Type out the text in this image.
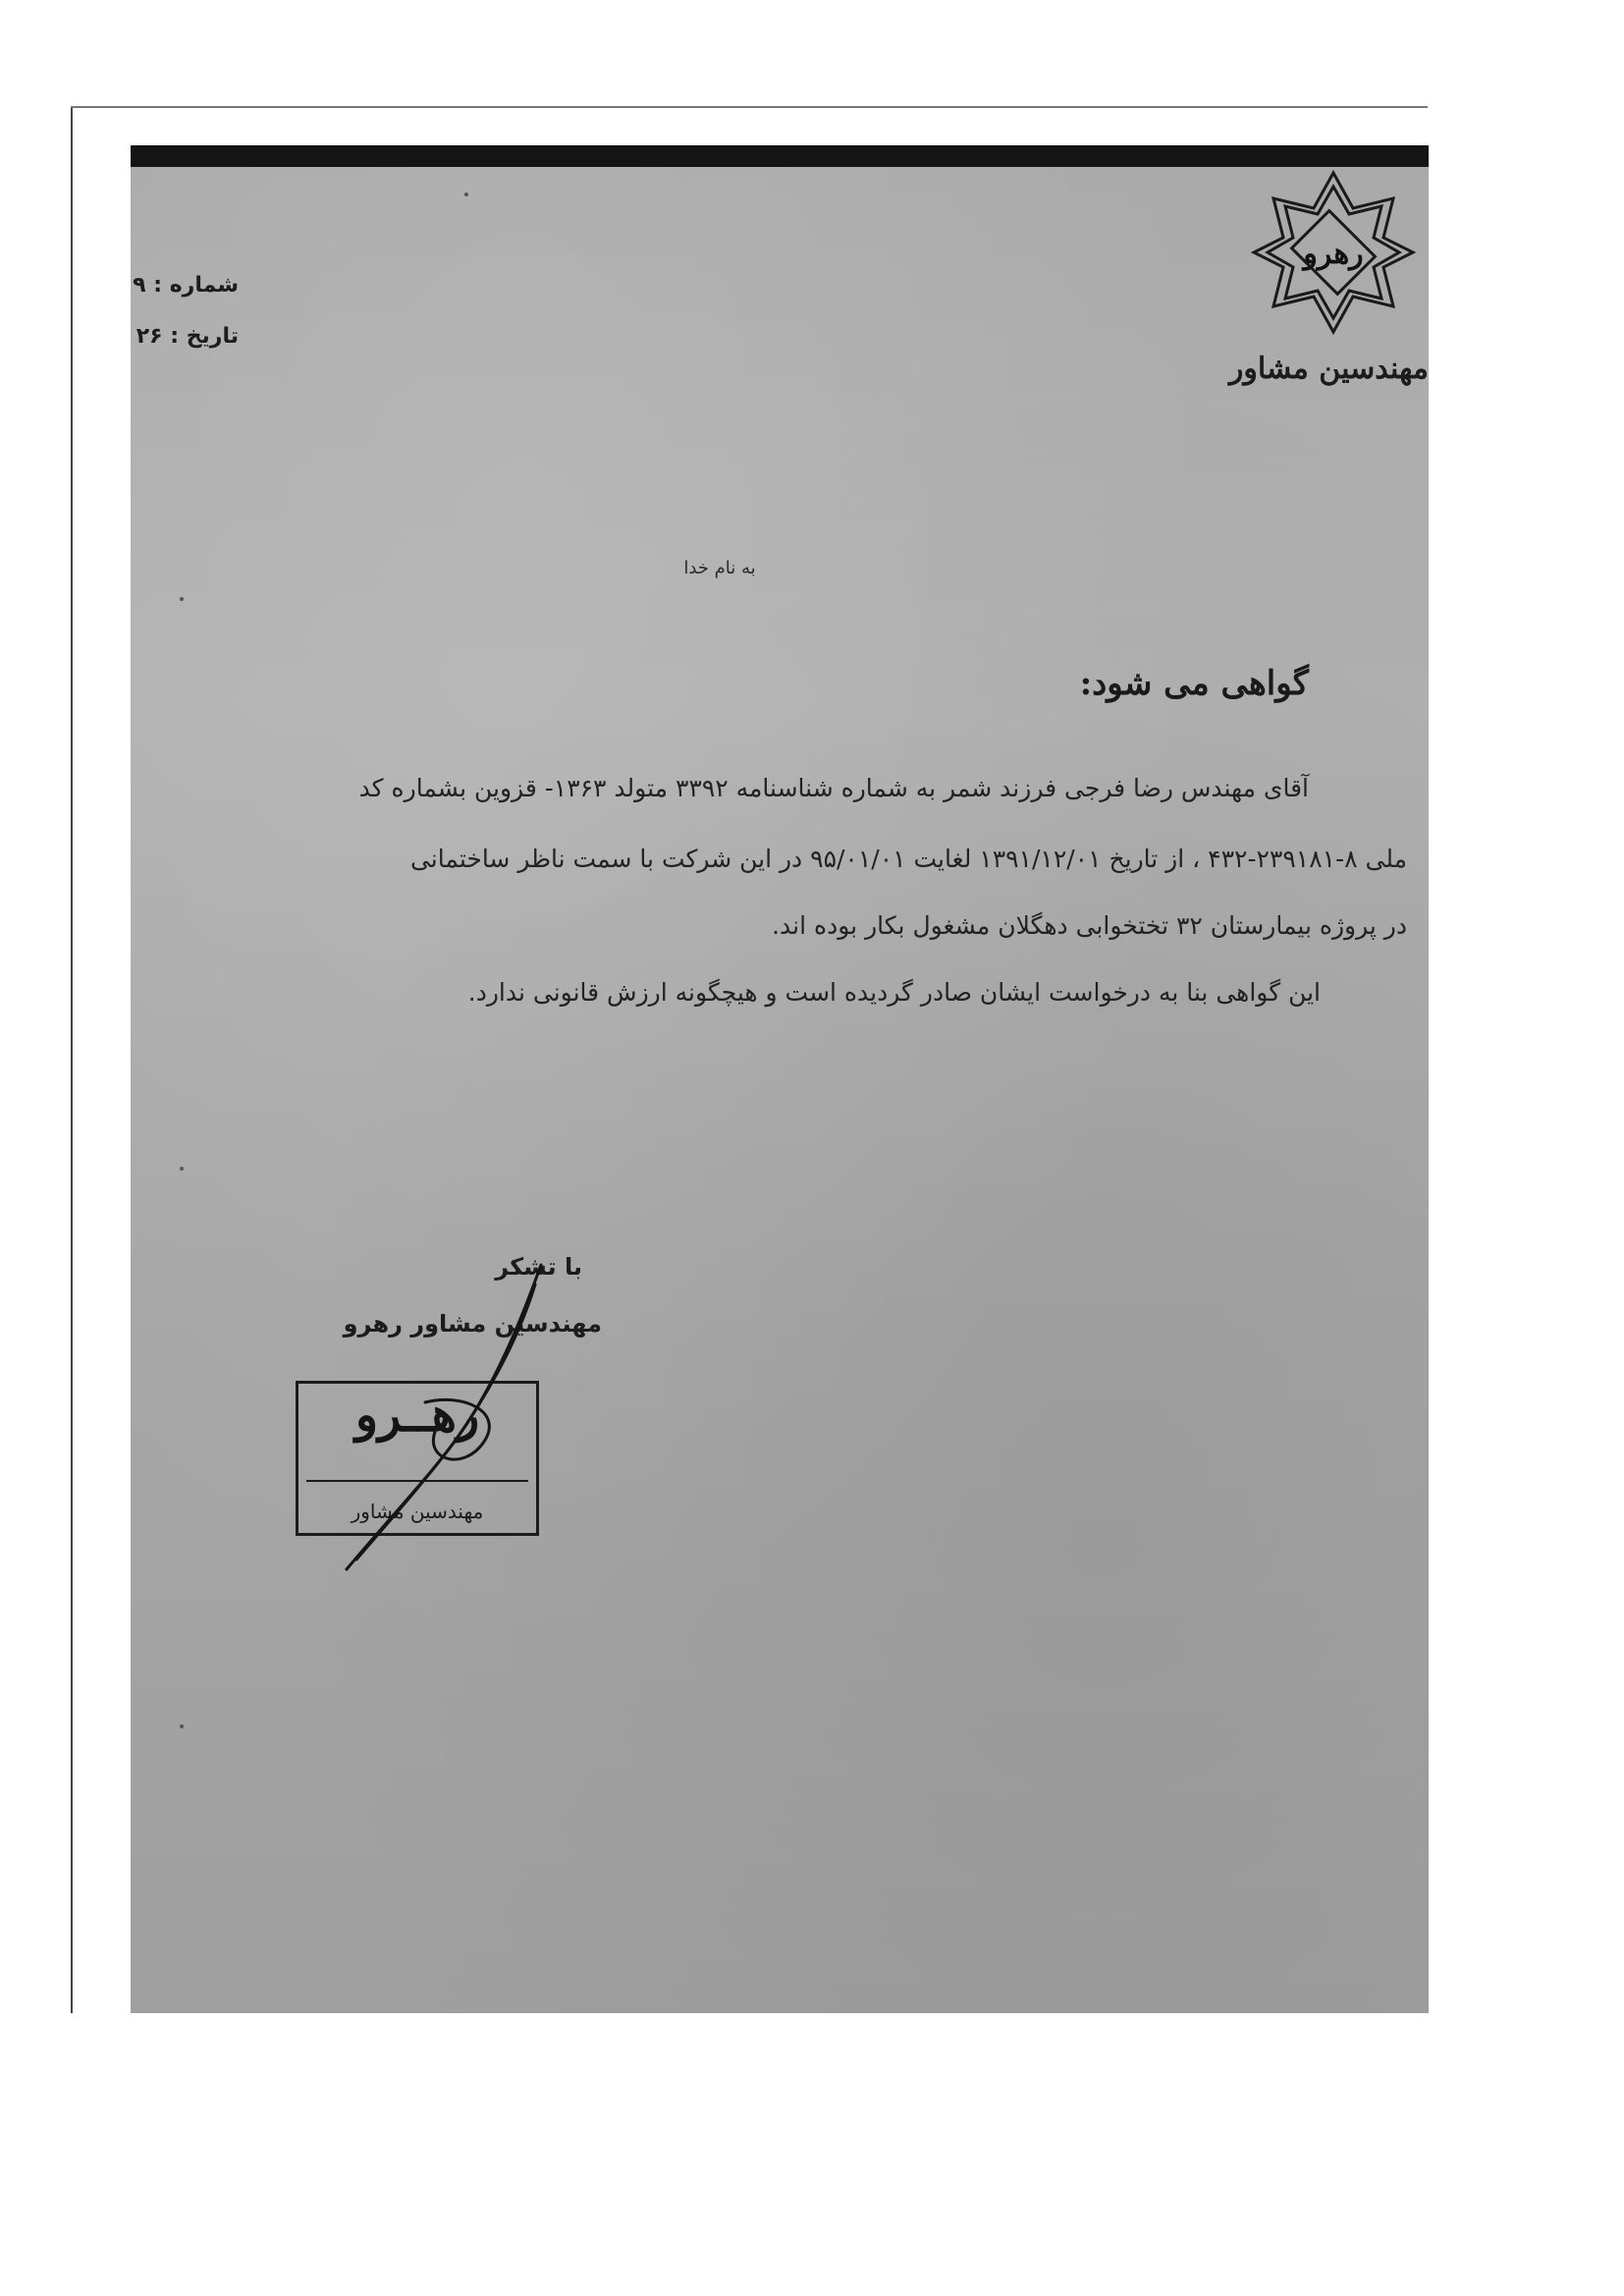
رهرو
مهندسین مشاور
شماره : ۹
تاریخ : ۲۶
به نام خدا
گواهی می شود:
آقای مهندس رضا فرجی فرزند شمر به شماره شناسنامه ۳۳۹۲ متولد ۱۳۶۳- قزوین بشماره کد
ملی ۸-۲۳۹۱۸۱-۴۳۲ ، از تاریخ ۱۳۹۱/۱۲/۰۱ لغایت ۹۵/۰۱/۰۱ در این شرکت با سمت ناظر ساختمانی
در پروژه بیمارستان ۳۲ تختخوابی دهگلان مشغول بکار بوده اند.
این گواهی بنا به درخواست ایشان صادر گردیده است و هیچگونه ارزش قانونی ندارد.
با تشکر
مهندسین مشاور رهرو
رهــرو
مهندسین مشاور
